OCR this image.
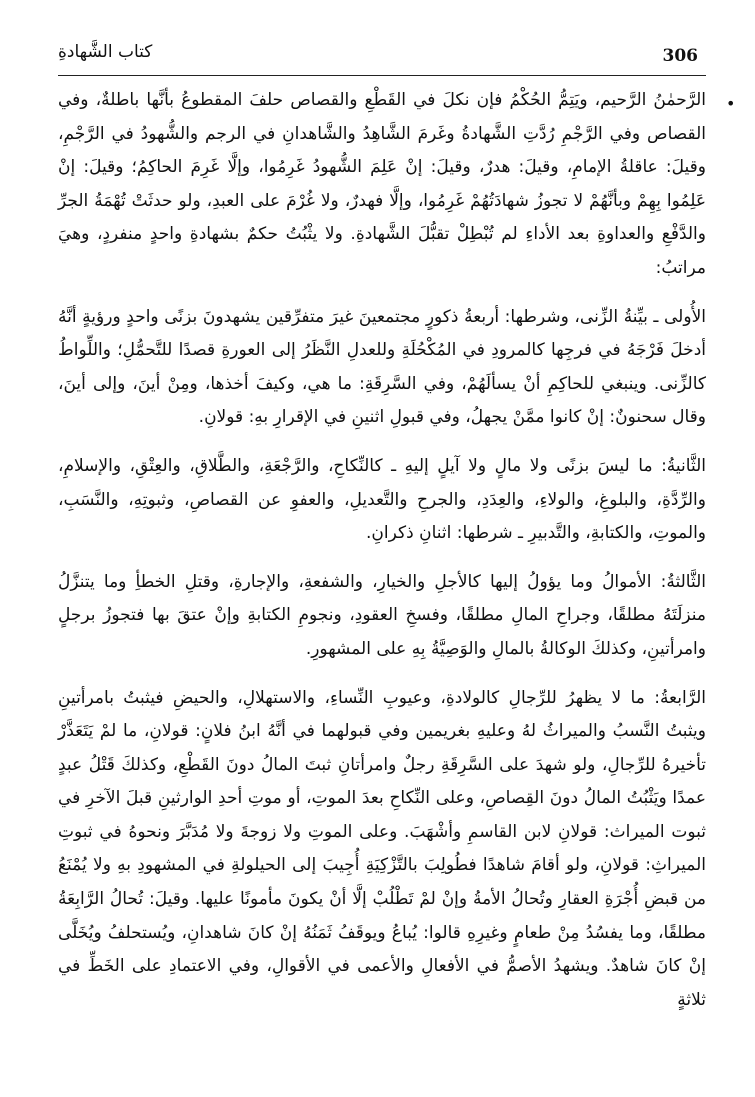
306
كتاب الشَّهادةِ
•

الرَّحمٰنُ الرَّحيم، ويَتِمُّ الحُكْمُ فإن نكلَ في القَطْعِ والقصاص حلفَ المقطوعُ بأنَّها باطلةٌ، وفي القصاص وفي الرَّجْمِ رُدَّتِ الشَّهادةُ وغَرمَ الشَّاهِدُ والشَّاهدانِ في الرجم والشُّهودُ في الرَّجْمِ، وقيلَ: عاقلةُ الإمامِ، وقيلَ: هدرٌ، وقيلَ: إنْ عَلِمَ الشُّهودُ غَرِمُوا، وإلَّا غَرِمَ الحاكِمُ؛ وقيلَ: إنْ عَلِمُوا بِهِمْ وبأنَّهُمْ لا تجوزُ شهادَتُهُمْ غَرِمُوا، وإلَّا فهدرٌ، ولا غُرْمَ على العبدِ، ولو حدثَتْ تُهْمَةُ الجرِّ والدَّفْعِ والعداوةِ بعد الأداءِ لم تُبْطِلْ تقبُّلَ الشَّهادةِ. ولا يثْبُتُ حكمٌ بشهادةِ واحدٍ منفردٍ، وهيَ مراتبُ:

الأُولى ـ بيِّنةُ الزِّنى، وشرطها: أربعةُ ذكورٍ مجتمعينَ غيرَ متفرِّقين يشهدونَ بزنًى واحدٍ ورؤيةٍ أنَّهُ أدخلَ فَرْجَهُ في فرجِها كالمرودِ في المُكْحُلَةِ وللعدلِ النَّظَرُ إلى العورةِ قصدًا للتَّحمُّلِ؛ واللِّواطُ كالزِّنى. وينبغي للحاكِمِ أنْ يسألَهُمْ، وفي السَّرِقَةِ: ما هي، وكيفَ أخذها، ومِنْ أينَ، وإلى أينَ، وقال سحنونٌ: إنْ كانوا ممَّنْ يجهلُ، وفي قبولِ اثنينِ في الإقرارِ بهِ: قولانِ.

الثَّانيةُ: ما ليسَ بزنًى ولا مالٍ ولا آيلٍ إليهِ ـ كالنِّكاحِ، والرَّجْعَةِ، والطَّلاقِ، والعِتْقِ، والإسلامِ، والرِّدَّةِ، والبلوغِ، والولاءِ، والعِدَدِ، والجرحِ والتَّعديلِ، والعفوِ عن القصاصِ، وثبوتِهِ، والنَّسَبِ، والموتِ، والكتابةِ، والتَّدبيرِ ـ شرطها: اثنانِ ذكرانِ.

الثَّالثةُ: الأموالُ وما يؤولُ إليها كالأجلِ والخيارِ، والشفعةِ، والإجارةِ، وقتلِ الخطأِ وما يتنزَّلُ منزلَتَهُ مطلقًا، وجراحِ المالِ مطلقًا، وفسخِ العقودِ، ونجومِ الكتابةِ وإنْ عتقَ بها فتجوزُ برجلٍ وامرأتينِ، وكذلكَ الوكالةُ بالمالِ والوَصِيَّةُ بِهِ على المشهورِ.

الرَّابعةُ: ما لا يظهرُ للرِّجالِ كالولادةِ، وعيوبِ النِّساءِ، والاستهلالِ، والحيضِ فيثبتُ بامرأتينِ ويثبتُ النَّسبُ والميراثُ لهُ وعليهِ بغريمين وفي قبولهما في أنَّهُ ابنُ فلانٍ: قولانِ، ما لمْ يَتَعَذَّرْ تأخيرهُ للرِّجالِ، ولو شهدَ على السَّرِقَةِ رجلٌ وامرأتانِ ثبتَ المالُ دونَ القَطْعِ، وكذلكَ قَتْلُ عبدٍ عمدًا ويَثْبُتُ المالُ دونَ القِصاصِ، وعلى النِّكاحِ بعدَ الموتِ، أو موتِ أحدِ الوارثينِ قبلَ الآخرِ في ثبوت الميراث: قولانِ لابن القاسمِ وأشْهَبَ. وعلى الموتِ ولا زوجةَ ولا مُدَبَّرَ ونحوهُ في ثبوتِ الميراثِ: قولانِ، ولو أقامَ شاهدًا فطُولِبَ بالتَّزْكِيَةِ أُجِيبَ إلى الحيلولةِ في المشهودِ بهِ ولا يُمْنَعُ من قبضِ أُجْرَةِ العقارِ وتُحالُ الأمةُ وإنْ لمْ تَطْلُبْ إلَّا أنْ يكونَ مأمونًا عليها. وقيلَ: تُحالُ الرَّابِعَةُ مطلقًا، وما يفسُدُ مِنْ طعامٍ وغيرِهِ قالوا: يُباعُ ويوقَفُ ثَمَنُهُ إنْ كانَ شاهدانِ، ويُستحلفُ ويُخَلَّى إنْ كانَ شاهدٌ. ويشهدُ الأصمُّ في الأفعالِ والأعمى في الأقوالِ، وفي الاعتمادِ على الخَطِّ في ثلاثةٍ
